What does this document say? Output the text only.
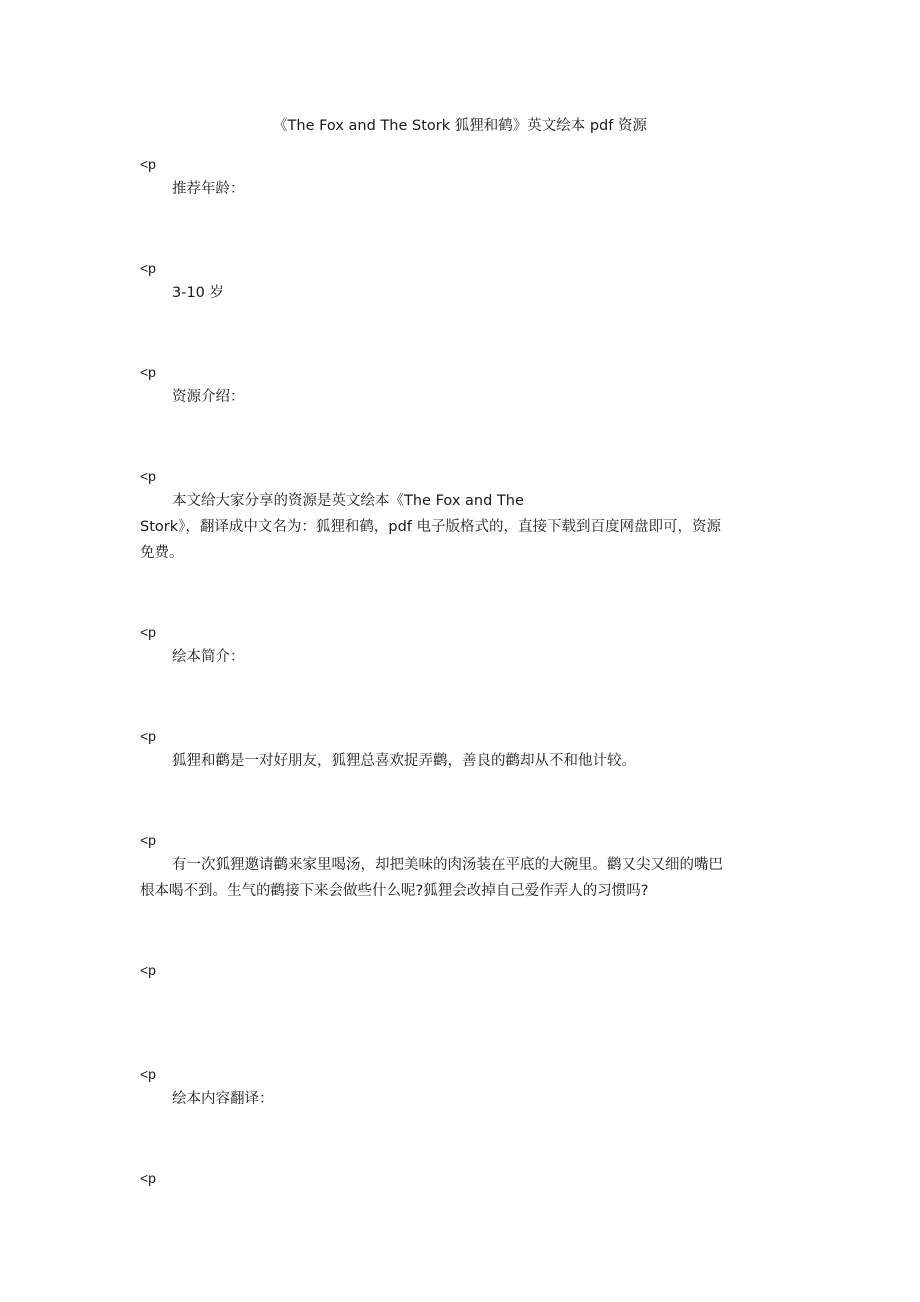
《The Fox and The Stork 狐狸和鹤》英文绘本 pdf 资源
<p
推荐年龄：
<p
3-10 岁
<p
资源介绍：
<p
本文给大家分享的资源是英文绘本《The Fox and The
Stork》，翻译成中文名为：狐狸和鹤，pdf 电子版格式的，直接下载到百度网盘即可，资源
免费。
<p
绘本简介：
<p
狐狸和鹳是一对好朋友，狐狸总喜欢捉弄鹳，善良的鹳却从不和他计较。
<p
有一次狐狸邀请鹳来家里喝汤，却把美味的肉汤装在平底的大碗里。鹳又尖又细的嘴巴
根本喝不到。生气的鹳接下来会做些什么呢?狐狸会改掉自己爱作弄人的习惯吗?
<p
<p
绘本内容翻译：
<p
